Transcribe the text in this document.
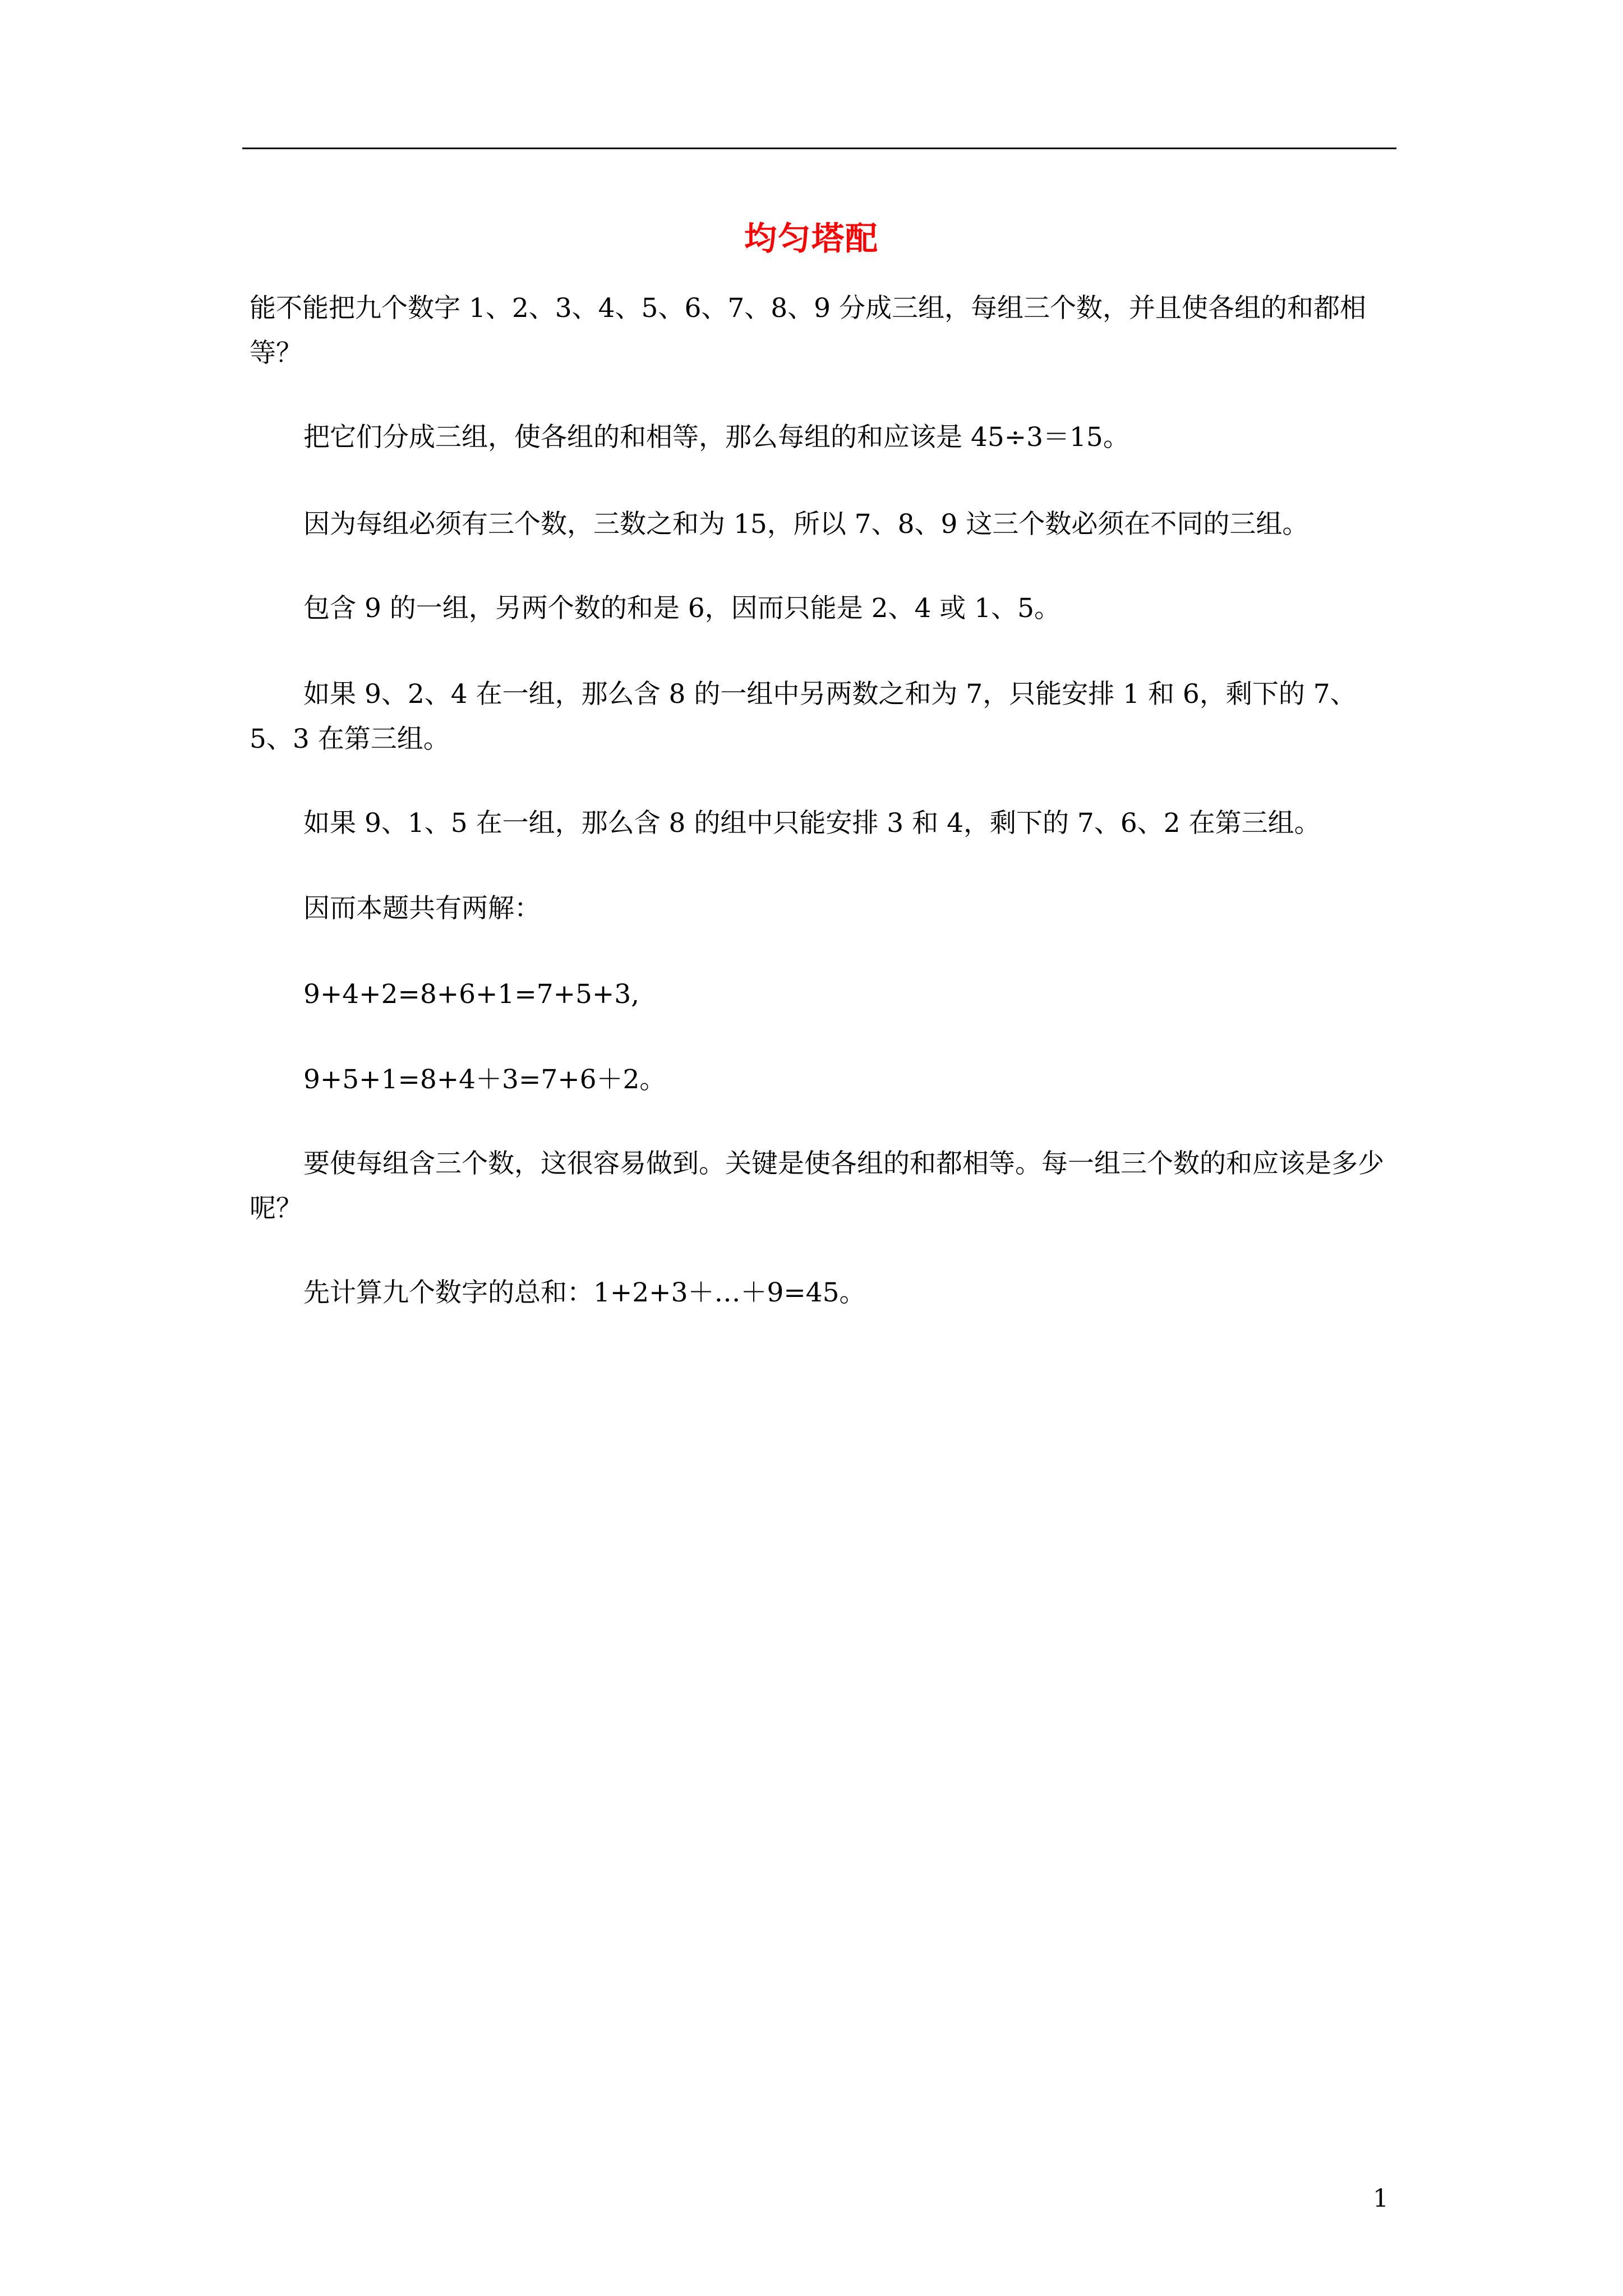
均匀塔配

能不能把九个数字 1、2、3、4、5、6、7、8、9 分成三组，每组三个数，并且使各组的和都相等？

把它们分成三组，使各组的和相等，那么每组的和应该是 45÷3＝15。

因为每组必须有三个数，三数之和为 15，所以 7、8、9 这三个数必须在不同的三组。

包含 9 的一组，另两个数的和是 6，因而只能是 2、4 或 1、5。

如果 9、2、4 在一组，那么含 8 的一组中另两数之和为 7，只能安排 1 和 6，剩下的 7、5、3 在第三组。

如果 9、1、5 在一组，那么含 8 的组中只能安排 3 和 4，剩下的 7、6、2 在第三组。

因而本题共有两解：

9+4+2=8+6+1=7+5+3,

9+5+1=8+4＋3=7+6＋2。

要使每组含三个数，这很容易做到。关键是使各组的和都相等。每一组三个数的和应该是多少呢？

先计算九个数字的总和：1+2+3＋…＋9=45。

1
